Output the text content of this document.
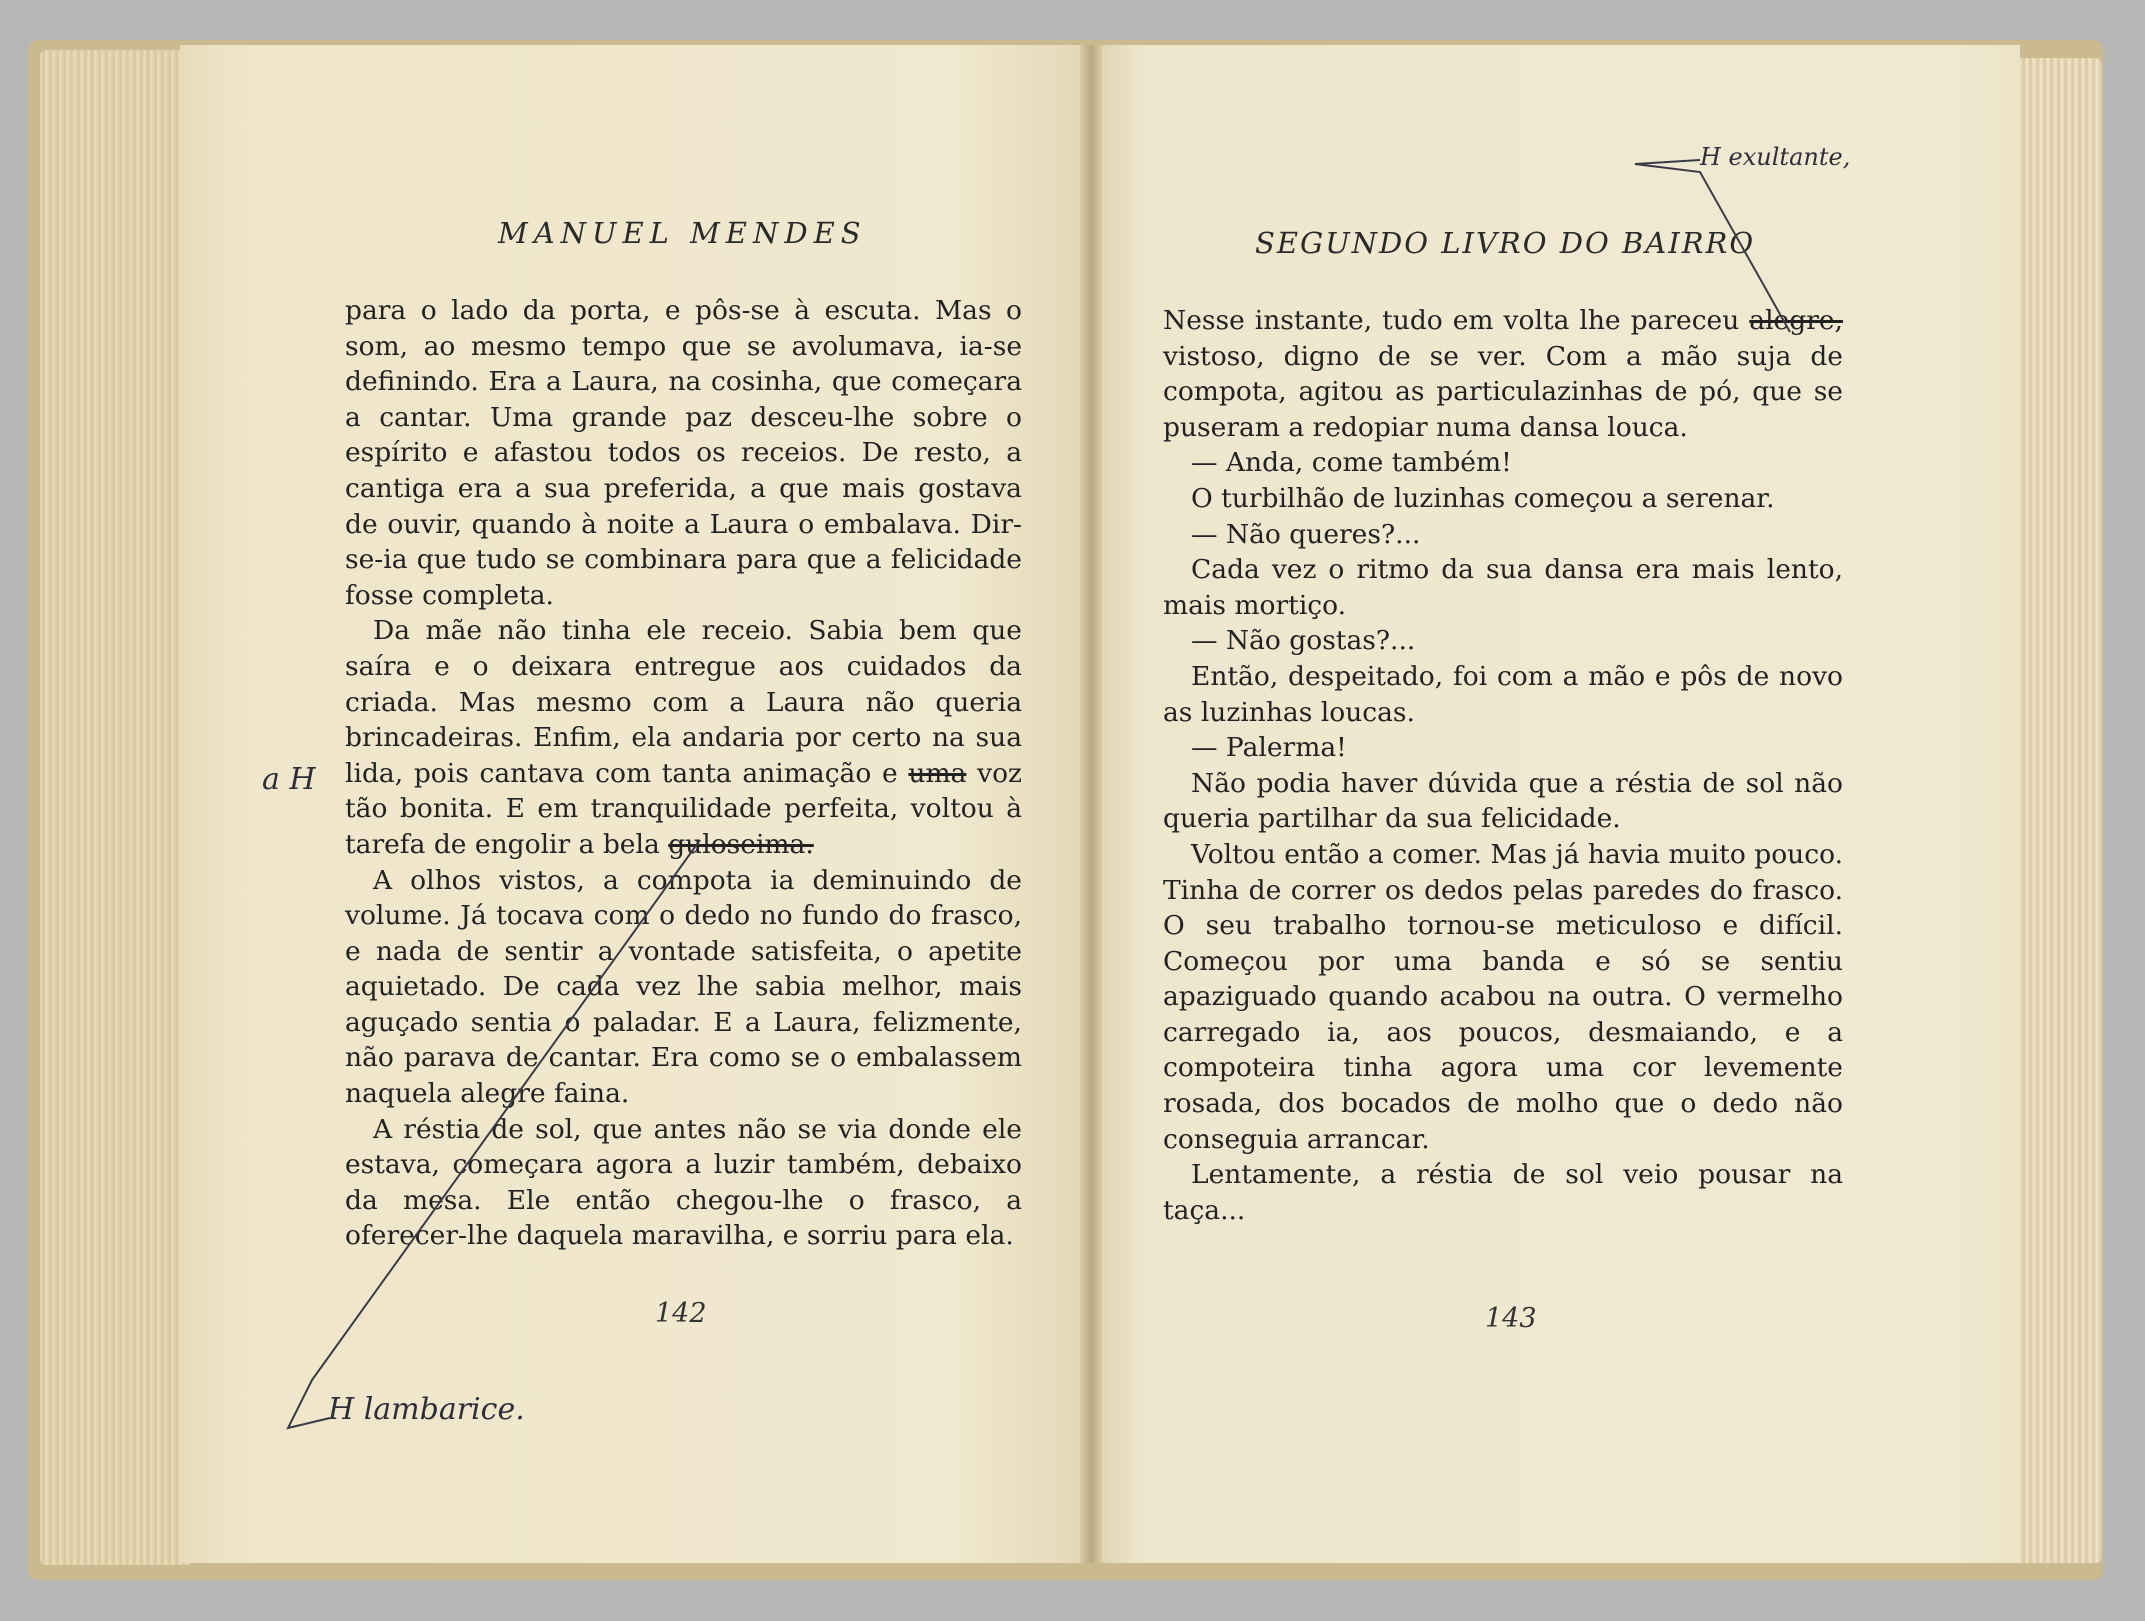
MANUEL MENDES

para o lado da porta, e pôs-se à escuta. Mas o som, ao mesmo tempo que se avolumava, ia-se definindo. Era a Laura, na cosinha, que começara a cantar. Uma grande paz desceu-lhe sobre o espírito e afastou todos os receios. De resto, a cantiga era a sua preferida, a que mais gostava de ouvir, quando à noite a Laura o embalava. Dir-se-ia que tudo se combinara para que a felicidade fosse completa.

Da mãe não tinha ele receio. Sabia bem que saíra e o deixara entregue aos cuidados da criada. Mas mesmo com a Laura não queria brincadeiras. Enfim, ela andaria por certo na sua lida, pois cantava com tanta animação e uma voz tão bonita. E em tranquilidade perfeita, voltou à tarefa de engolir a bela guloseima.

A olhos vistos, a compota ia deminuindo de volume. Já tocava com o dedo no fundo do frasco, e nada de sentir a vontade satisfeita, o apetite aquietado. De cada vez lhe sabia melhor, mais aguçado sentia o paladar. E a Laura, felizmente, não parava de cantar. Era como se o embalassem naquela alegre faina.

A réstia de sol, que antes não se via donde ele estava, começara agora a luzir também, debaixo da mesa. Ele então chegou-lhe o frasco, a oferecer-lhe daquela maravilha, e sorriu para ela.

142
a H
H lambarice.
SEGUNDO LIVRO DO BAIRRO

Nesse instante, tudo em volta lhe pareceu alegre, vistoso, digno de se ver. Com a mão suja de compota, agitou as particulazinhas de pó, que se puseram a redopiar numa dansa louca.

— Anda, come também!

O turbilhão de luzinhas começou a serenar.

— Não queres?...

Cada vez o ritmo da sua dansa era mais lento, mais mortiço.

— Não gostas?...

Então, despeitado, foi com a mão e pôs de novo as luzinhas loucas.

— Palerma!

Não podia haver dúvida que a réstia de sol não queria partilhar da sua felicidade.

Voltou então a comer. Mas já havia muito pouco. Tinha de correr os dedos pelas paredes do frasco. O seu trabalho tornou-se meticuloso e difícil. Começou por uma banda e só se sentiu apaziguado quando acabou na outra. O vermelho carregado ia, aos poucos, desmaiando, e a compoteira tinha agora uma cor levemente rosada, dos bocados de molho que o dedo não conseguia arrancar.

Lentamente, a réstia de sol veio pousar na taça...

143
H exultante,
